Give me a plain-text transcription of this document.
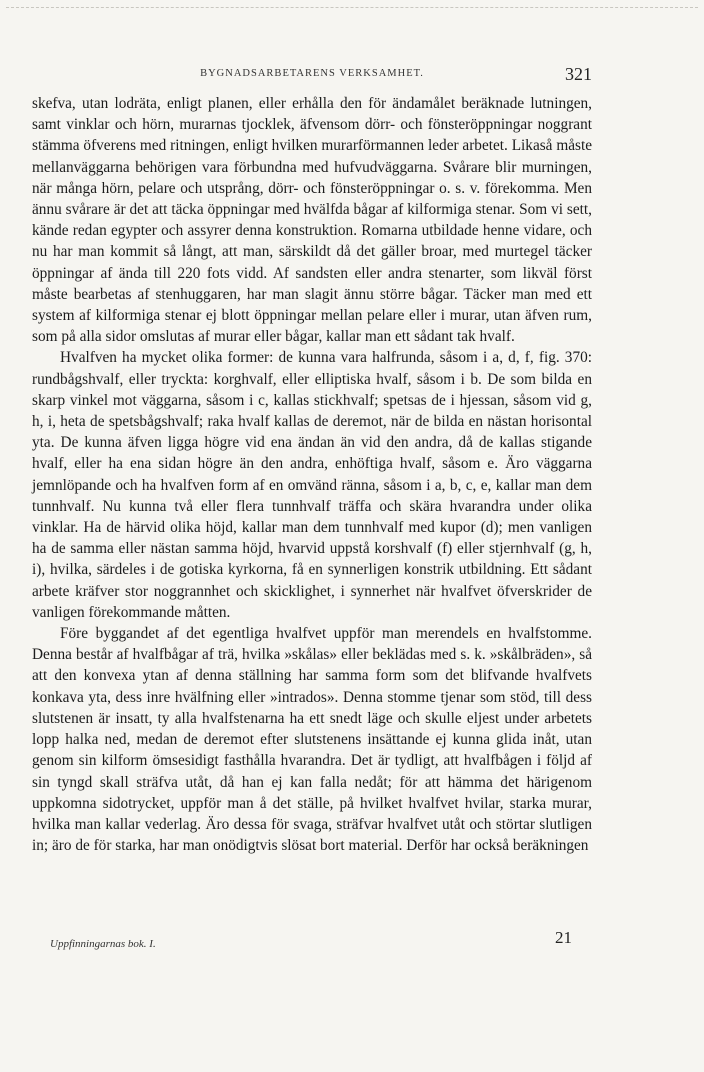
BYGNADSARBETARENS VERKSAMHET.	321

skefva, utan lodräta, enligt planen, eller erhålla den för ändamålet beräknade lutningen, samt vinklar och hörn, murarnas tjocklek, äfvensom dörr- och fönsteröppningar noggrant stämma öfverens med ritningen, enligt hvilken murarförmannen leder arbetet. Likaså måste mellanväggarna behörigen vara förbundna med hufvudväggarna. Svårare blir murningen, när många hörn, pelare och utsprång, dörr- och fönsteröppningar o. s. v. förekomma. Men ännu svårare är det att täcka öppningar med hvälfda bågar af kilformiga stenar. Som vi sett, kände redan egypter och assyrer denna konstruktion. Romarna utbildade henne vidare, och nu har man kommit så långt, att man, särskildt då det gäller broar, med murtegel täcker öppningar af ända till 220 fots vidd. Af sandsten eller andra stenarter, som likväl först måste bearbetas af stenhuggaren, har man slagit ännu större bågar. Täcker man med ett system af kilformiga stenar ej blott öppningar mellan pelare eller i murar, utan äfven rum, som på alla sidor omslutas af murar eller bågar, kallar man ett sådant tak hvalf.

Hvalfven ha mycket olika former: de kunna vara halfrunda, såsom i a, d, f, fig. 370: rundbågshvalf, eller tryckta: korghvalf, eller elliptiska hvalf, såsom i b. De som bilda en skarp vinkel mot väggarna, såsom i c, kallas stickhvalf; spetsas de i hjessan, såsom vid g, h, i, heta de spetsbågshvalf; raka hvalf kallas de deremot, när de bilda en nästan horisontal yta. De kunna äfven ligga högre vid ena ändan än vid den andra, då de kallas stigande hvalf, eller ha ena sidan högre än den andra, enhöftiga hvalf, såsom e. Äro väggarna jemnlöpande och ha hvalfven form af en omvänd ränna, såsom i a, b, c, e, kallar man dem tunnhvalf. Nu kunna två eller flera tunnhvalf träffa och skära hvarandra under olika vinklar. Ha de härvid olika höjd, kallar man dem tunnhvalf med kupor (d); men vanligen ha de samma eller nästan samma höjd, hvarvid uppstå korshvalf (f) eller stjernhvalf (g, h, i), hvilka, särdeles i de gotiska kyrkorna, få en synnerligen konstrik utbildning. Ett sådant arbete kräfver stor noggrannhet och skicklighet, i synnerhet när hvalfvet öfverskrider de vanligen förekommande måtten.

Före byggandet af det egentliga hvalfvet uppför man merendels en hvalfstomme. Denna består af hvalfbågar af trä, hvilka »skålas» eller beklädas med s. k. »skålbräden», så att den konvexa ytan af denna ställning har samma form som det blifvande hvalfvets konkava yta, dess inre hvälfning eller »intrados». Denna stomme tjenar som stöd, till dess slutstenen är insatt, ty alla hvalfstenarna ha ett snedt läge och skulle eljest under arbetets lopp halka ned, medan de deremot efter slutstenens insättande ej kunna glida inåt, utan genom sin kilform ömsesidigt fasthålla hvarandra. Det är tydligt, att hvalfbågen i följd af sin tyngd skall sträfva utåt, då han ej kan falla nedåt; för att hämma det härigenom uppkomna sidotrycket, uppför man å det ställe, på hvilket hvalfvet hvilar, starka murar, hvilka man kallar vederlag. Äro dessa för svaga, sträfvar hvalfvet utåt och störtar slutligen in; äro de för starka, har man onödigtvis slösat bort material. Derför har också beräkningen

Uppfinningarnas bok. I.	21
